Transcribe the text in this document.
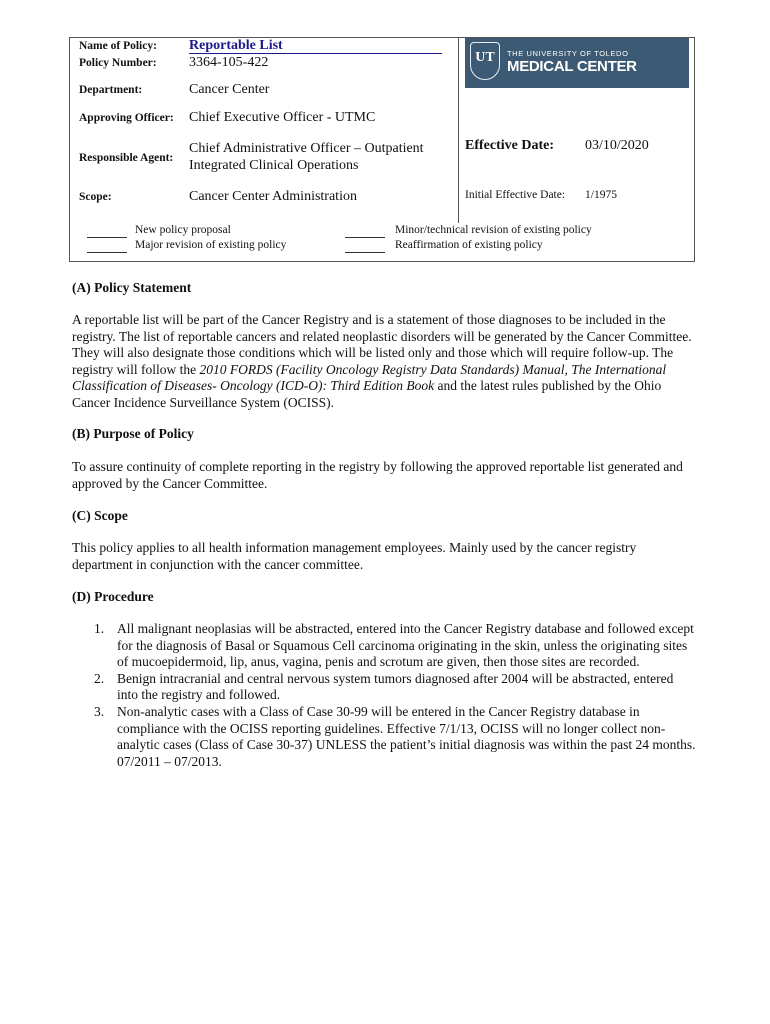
Name of Policy: Reportable List
Policy Number: 3364-105-422
Department:	Cancer Center
Approving Officer: Chief Executive Officer - UTMC
Responsible Agent:
Chief Administrative Officer – Outpatient
Integrated Clinical Operations
Scope:	Cancer Center Administration
Effective Date: 03/10/2020
Initial Effective Date: 1/1975
New policy proposal
Major revision of existing policy
Minor/technical revision of existing policy
Reaffirmation of existing policy
UT	THE UNIVERSITY OF TOLEDO
MEDICAL CENTER
(A) Policy Statement

A reportable list will be part of the Cancer Registry and is a statement of those diagnoses to be included in the registry. The list of reportable cancers and related neoplastic disorders will be generated by the Cancer Committee. They will also designate those conditions which will be listed only and those which will require follow-up. The registry will follow the 2010 FORDS (Facility Oncology Registry Data Standards) Manual, The International Classification of Diseases- Oncology (ICD-O): Third Edition Book and the latest rules published by the Ohio Cancer Incidence Surveillance System (OCISS).

(B) Purpose of Policy
To assure continuity of complete reporting in the registry by following the approved reportable list generated and approved by the Cancer Committee.
(C) Scope
This policy applies to all health information management employees. Mainly used by the cancer registry department in conjunction with the cancer committee.
(D) Procedure
1. All malignant neoplasias will be abstracted, entered into the Cancer Registry database and followed except for the diagnosis of Basal or Squamous Cell carcinoma originating in the skin, unless the originating sites of mucoepidermoid, lip, anus, vagina, penis and scrotum are given, then those sites are recorded.
2. Benign intracranial and central nervous system tumors diagnosed after 2004 will be abstracted, entered into the registry and followed.
3. Non-analytic cases with a Class of Case 30-99 will be entered in the Cancer Registry database in compliance with the OCISS reporting guidelines. Effective 7/1/13, OCISS will no longer collect non-analytic cases (Class of Case 30-37) UNLESS the patient’s initial diagnosis was within the past 24 months. 07/2011 – 07/2013.
